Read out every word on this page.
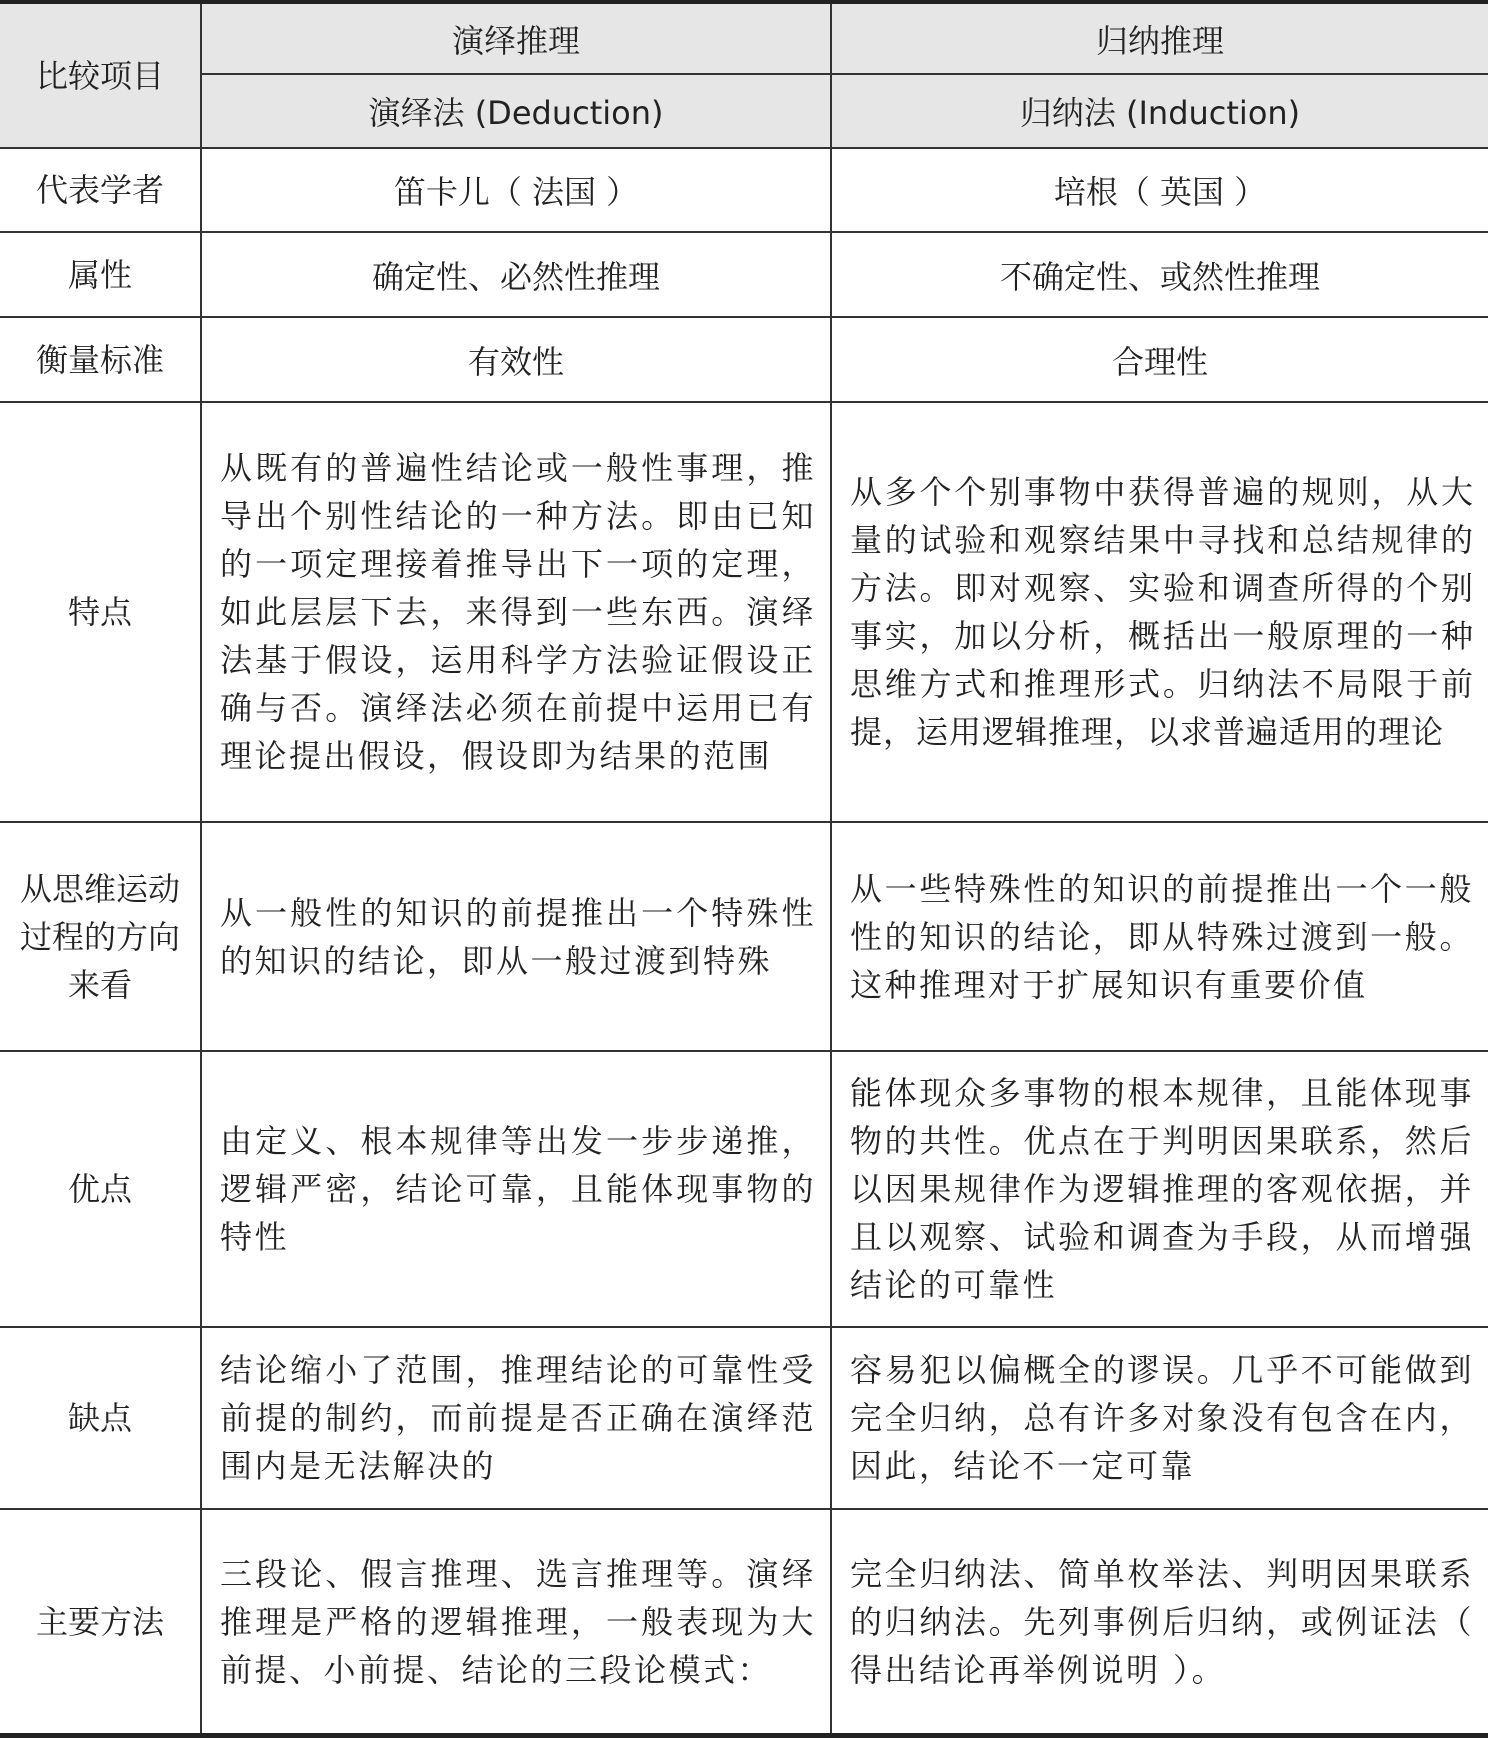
比较项目	演绎推理	归纳推理
	演绎法 (Deduction)	归纳法 (Induction)
代表学者	笛卡儿（ 法国 ）	培根（ 英国 ）
属性	确定性、必然性推理	不确定性、或然性推理
衡量标准	有效性	合理性
特点	从既有的普遍性结论或一般性事理，推导出个别性结论的一种方法。即由已知的一项定理接着推导出下一项的定理，如此层层下去，来得到一些东西。演绎法基于假设，运用科学方法验证假设正确与否。演绎法必须在前提中运用已有理论提出假设，假设即为结果的范围	从多个个别事物中获得普遍的规则，从大量的试验和观察结果中寻找和总结规律的方法。即对观察、实验和调查所得的个别事实，加以分析，概括出一般原理的一种思维方式和推理形式。归纳法不局限于前提，运用逻辑推理，以求普遍适用的理论
从思维运动过程的方向来看	从一般性的知识的前提推出一个特殊性的知识的结论，即从一般过渡到特殊	从一些特殊性的知识的前提推出一个一般性的知识的结论，即从特殊过渡到一般。这种推理对于扩展知识有重要价值
优点	由定义、根本规律等出发一步步递推，逻辑严密，结论可靠，且能体现事物的特性	能体现众多事物的根本规律，且能体现事物的共性。优点在于判明因果联系，然后以因果规律作为逻辑推理的客观依据，并且以观察、试验和调查为手段，从而增强结论的可靠性
缺点	结论缩小了范围，推理结论的可靠性受前提的制约，而前提是否正确在演绎范围内是无法解决的	容易犯以偏概全的谬误。几乎不可能做到完全归纳，总有许多对象没有包含在内，因此，结论不一定可靠
主要方法	三段论、假言推理、选言推理等。演绎推理是严格的逻辑推理，一般表现为大前提、小前提、结论的三段论模式：	完全归纳法、简单枚举法、判明因果联系的归纳法。先列事例后归纳，或例证法（ 得出结论再举例说明 ）。
